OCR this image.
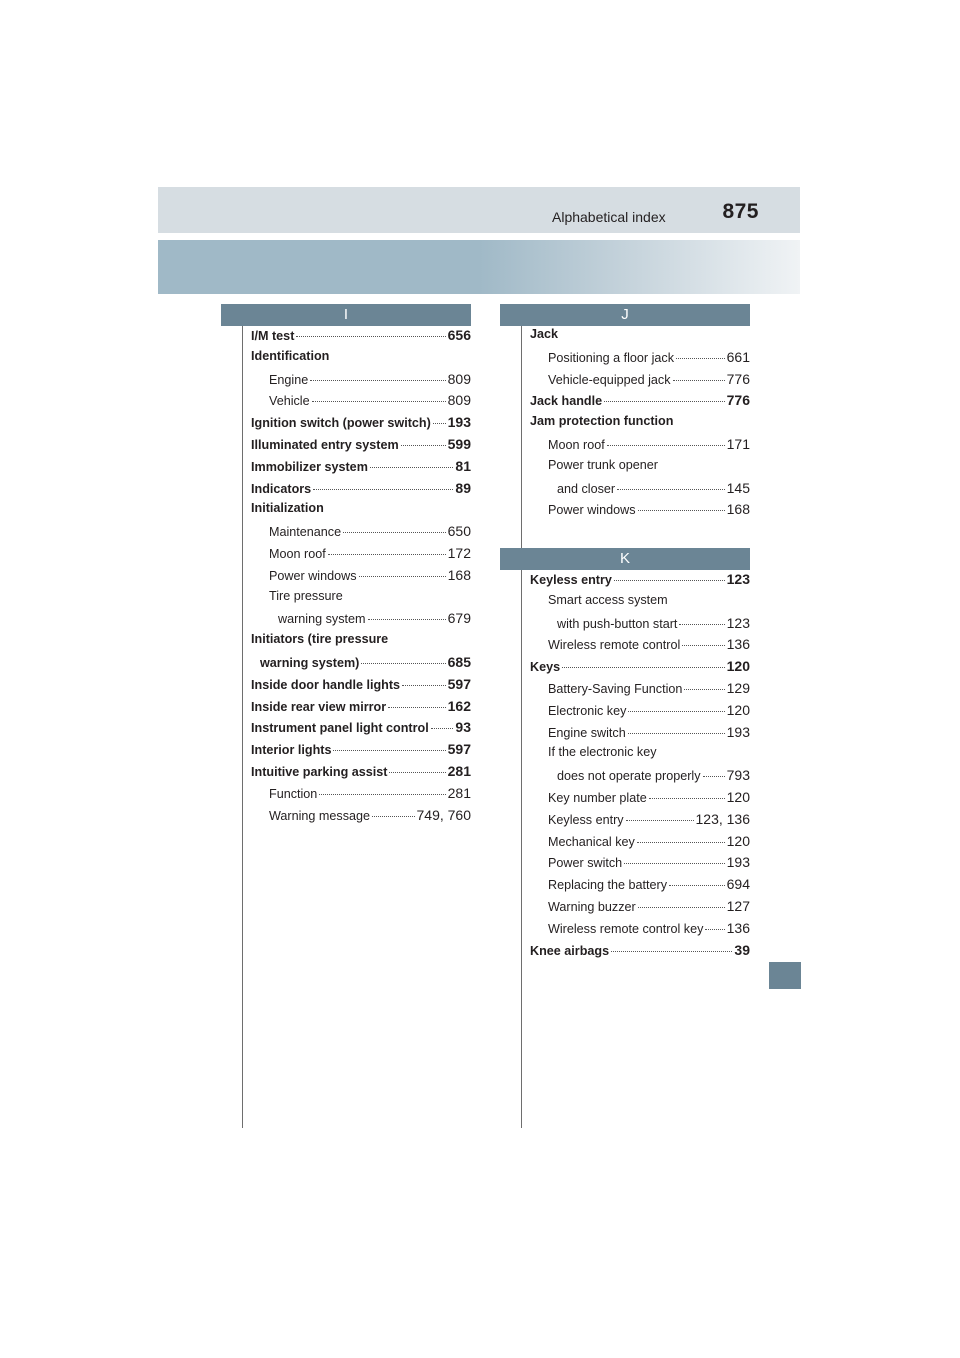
Alphabetical index	875
I
I/M test	656
Identification
Engine	809
Vehicle	809
Ignition switch (power switch) 193
Illuminated entry system	599
Immobilizer system	81
Indicators	89
Initialization
Maintenance	650
Moon roof	172
Power windows	168
Tire pressure
warning system	679
Initiators (tire pressure
warning system)	685
Inside door handle lights	597
Inside rear view mirror	162
Instrument panel light control 93
Interior lights	597
Intuitive parking assist	281
Function	281
Warning message	749, 760
J
Jack
Positioning a floor jack	661
Vehicle-equipped jack	776
Jack handle	776
Jam protection function
Moon roof	171
Power trunk opener
and closer	145
Power windows	168
K
Keyless entry	123
Smart access system
with push-button start	123
Wireless remote control	136
Keys	120
Battery-Saving Function	129
Electronic key	120
Engine switch	193
If the electronic key
does not operate properly 793
Key number plate	120
Keyless entry	123, 136
Mechanical key	120
Power switch	193
Replacing the battery	694
Warning buzzer	127
Wireless remote control key 136
Knee airbags	39
